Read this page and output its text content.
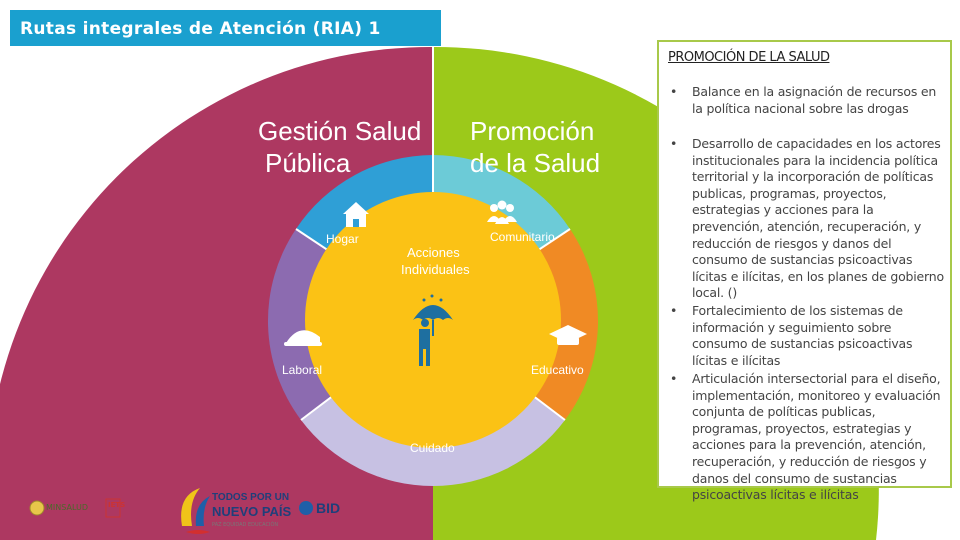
Rutas integrales de Atención (RIA) 1
Gestión Salud
Pública
Promoción
de la Salud
Hogar	Comunitario
Laboral	Educativo
Cuidado
Acciones
Individuales
PROMOCIÓN DE LA SALUD
• Balance en la asignación de recursos en la política nacional sobre las drogas
• Desarrollo de capacidades en los actores institucionales para la incidencia política territorial y la incorporación de políticas publicas, programas, proyectos, estrategias y acciones para la prevención, atención, recuperación, y reducción de riesgos y danos del consumo de sustancias psicoactivas lícitas e ilícitas, en los planes de gobierno local. ()
• Fortalecimiento de los sistemas de información y seguimiento sobre consumo de sustancias psicoactivas lícitas e ilícitas
• Articulación intersectorial para el diseño, implementación, monitoreo y evaluación conjunta de políticas publicas, programas, proyectos, estrategias y acciones para la prevención, atención, recuperación, y reducción de riesgos y danos del consumo de sustancias psicoactivas lícitas e ilícitas
MINSALUD	IETS
TODOS POR UN
NUEVO PAÍS
PAZ EQUIDAD EDUCACIÓN
BID
